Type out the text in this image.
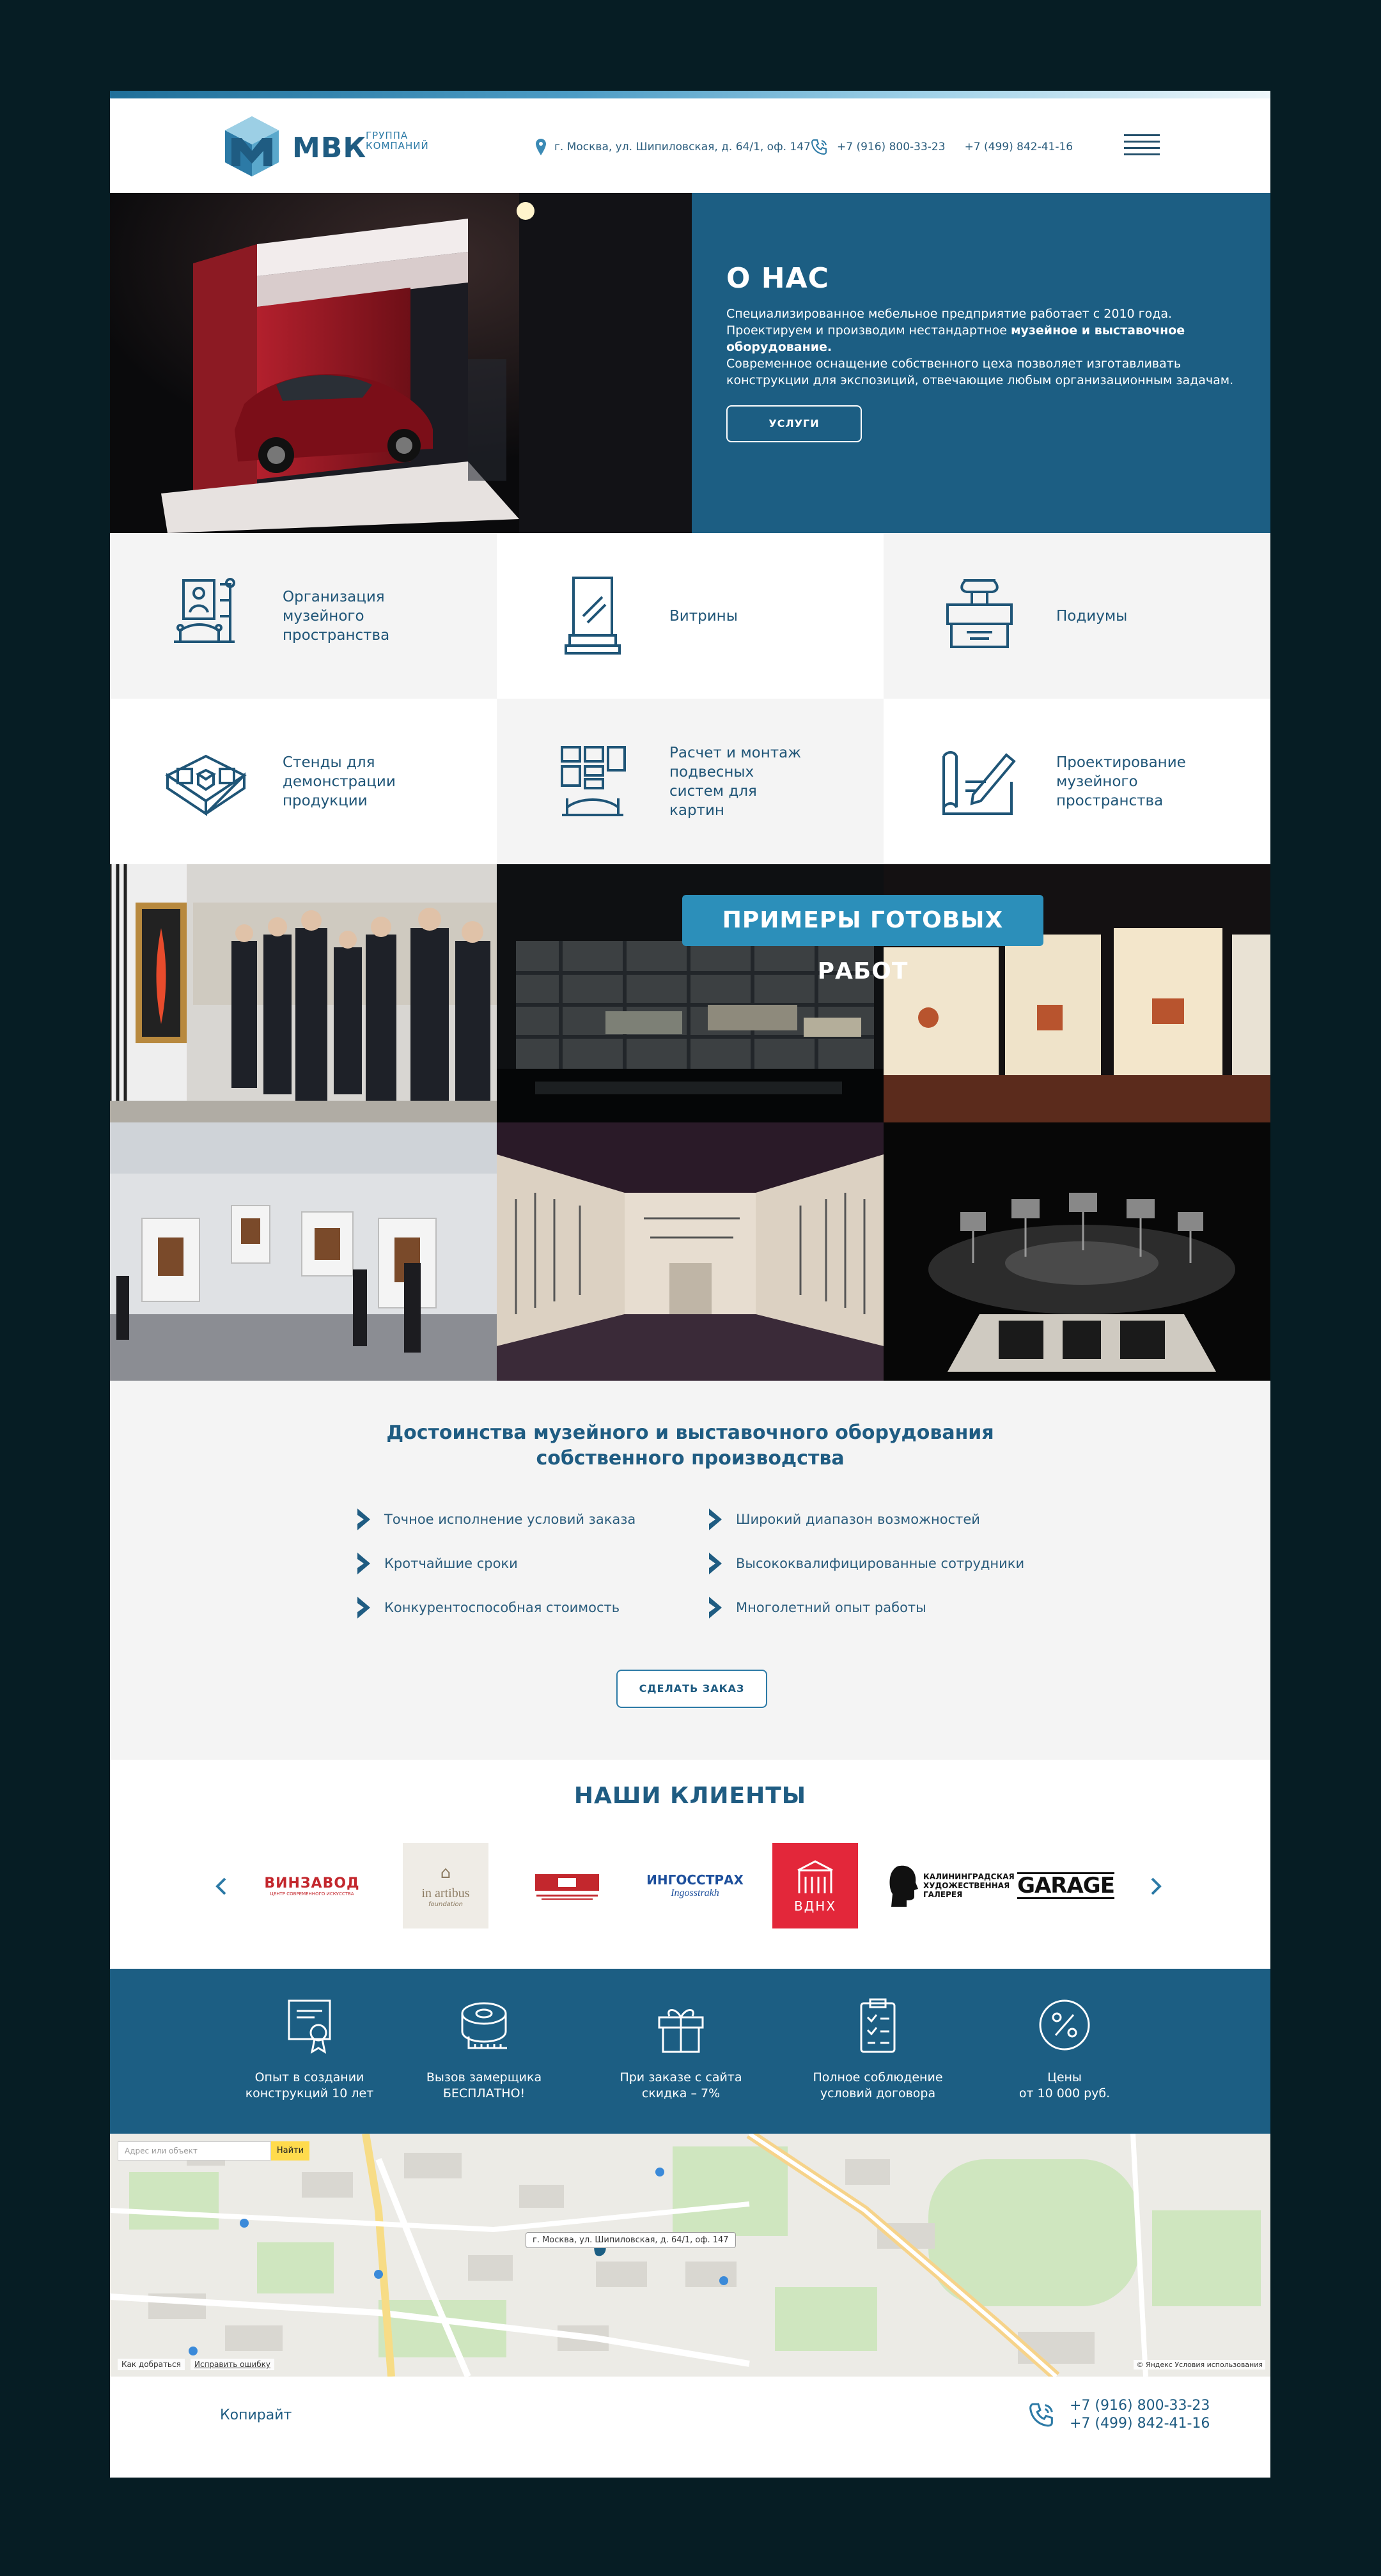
МВК
ГРУППА КОМПАНИЙ	г. Москва, ул. Шипиловская, д. 64/1, оф. 147 +7 (916) 800-33-23 +7 (499) 842-41-16
О НАС
Специализированное мебельное предприятие работает с 2010 года.
Проектируем и производим нестандартное музейное и выставочное оборудование.
Современное оснащение собственного цеха позволяет изготавливать конструкции для экспозиций, отвечающие любым организационным задачам.
УСЛУГИ
Организация музейного пространства
Витрины	Подиумы
Стенды для демонстрации продукции
Расчет и монтаж подвесных систем для картин
Проектирование музейного пространства
ПРИМЕРЫ ГОТОВЫХ РАБОТ
Достоинства музейного и выставочного оборудования
собственного производства
Точное исполнение условий заказа	Широкий диапазон возможностей
Кротчайшие сроки	Высококвалифицированные сотрудники
Конкурентоспособная стоимость	Многолетний опыт работы
СДЕЛАТЬ ЗАКАЗ
НАШИ КЛИЕНТЫ
ВИНЗАВОД
ЦЕНТР СОВРЕМЕННОГО ИСКУССТВА
⌂
in artibus
foundation
ИНГОССТРАХ
Ingosstrakh
ВДНХ
КАЛИНИНГРАДСКАЯ ХУДОЖЕСТВЕННАЯ ГАЛЕРЕЯ	GARAGE
Опыт в создании
конструкций 10 лет
Вызов замерщика
БЕСПЛАТНО!
При заказе с сайта
скидка – 7%
Полное соблюдение
условий договора
Цены
от 10 000 руб.
Адрес или объект	Найти
г. Москва, ул. Шипиловская, д. 64/1, оф. 147
Как добраться	Исправить ошибку	© Яндекс Условия использования
Копирайт
+7 (916) 800-33-23
+7 (499) 842-41-16
